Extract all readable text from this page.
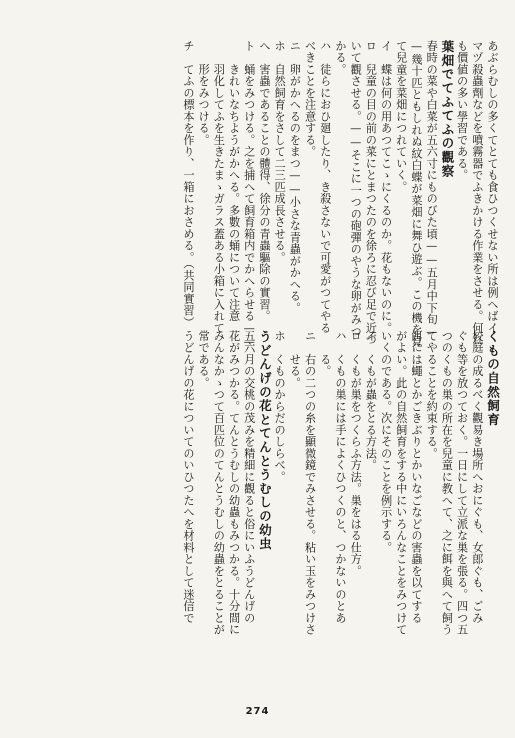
あぶらむしの多くてとても食ひつくせない所は例へばイ
マヅ殺蟲劑などを噴霧器でふきかける作業をさせる。何れ
も價値の多い學習である。
葉畑でてふてふの觀察
春時の菜や白菜が五六寸にものびた頃——五月中下旬—
—幾十匹ともしれぬ紋白蝶が菜畑に舞ひ遊ぶ。この機を見
て兒童を菜畑につれていく。
イ　蝶は何の用あつてこゝにくるのか。花もないのに。
ロ　兒童の目の前の菜にとまつたのを徐ろに忍び足で近づ
いて觀させる。——そこに一つの砲彈のやうな卵がみつ
かる。
ハ　徒らにおひ廻したり、き殺さないで可愛がつてやる
べきことを注意する。
ニ　卵がかへるのをまつ——小さな青蟲がかへる。
ホ　自然飼育をさして二三匹成長させる。
へ　害蟲であることの體得、徐分の青蟲驅除の實習。
ト　蛹をみつける。之を捕へて飼育箱内でかへらせる——
　　きれいなちようがかへる。多數の蛹について注意
　　羽化してふを生きたまゝガラス蓋ある小箱に入れて
　　形をみつける。
チ　てふの標本を作り、一箱におさめる。（共同實習）
くもの自然飼育
校庭の成るべく觀易き場所へおにぐも、女郎ぐも、ごみ
ぐも等を放つておく。一日にして立派な巣を張る。四つ五
つのくもの巣の所在を兒童に教へて、之に餌を與へて飼う
てやることを約束する。
餌には蠅とかごきぶりとかいなごなどの害蟲を以てする
がよい。此の自然飼育をする中にいろんなことをみつけて
いくのである。次にそのことを例示する。
イ　くもが蟲をとる方法。
ロ　くもが巣をつくらふ方法。巣をはる仕方。
ハ　くもの巣には手によくひつくのと、つかないのとあ
　　る。
ニ　右の二つの糸を顯微鏡でみさせる。粘い玉をみつけさ
　　せる。
ホ　くものからだのしらべ。
うどんげの花とてんとうむしの幼虫
五六月の交桃の茂みを精細に觀ると俗にいふうどんげの
花がみつかる。てんとうむしの幼蟲もみつかる。十分間に
みんなかゝつて百匹位のてんとうむしの幼蟲をとることが
常である。
うどんげの花についてのいひつたへを材料として迷信で
274
